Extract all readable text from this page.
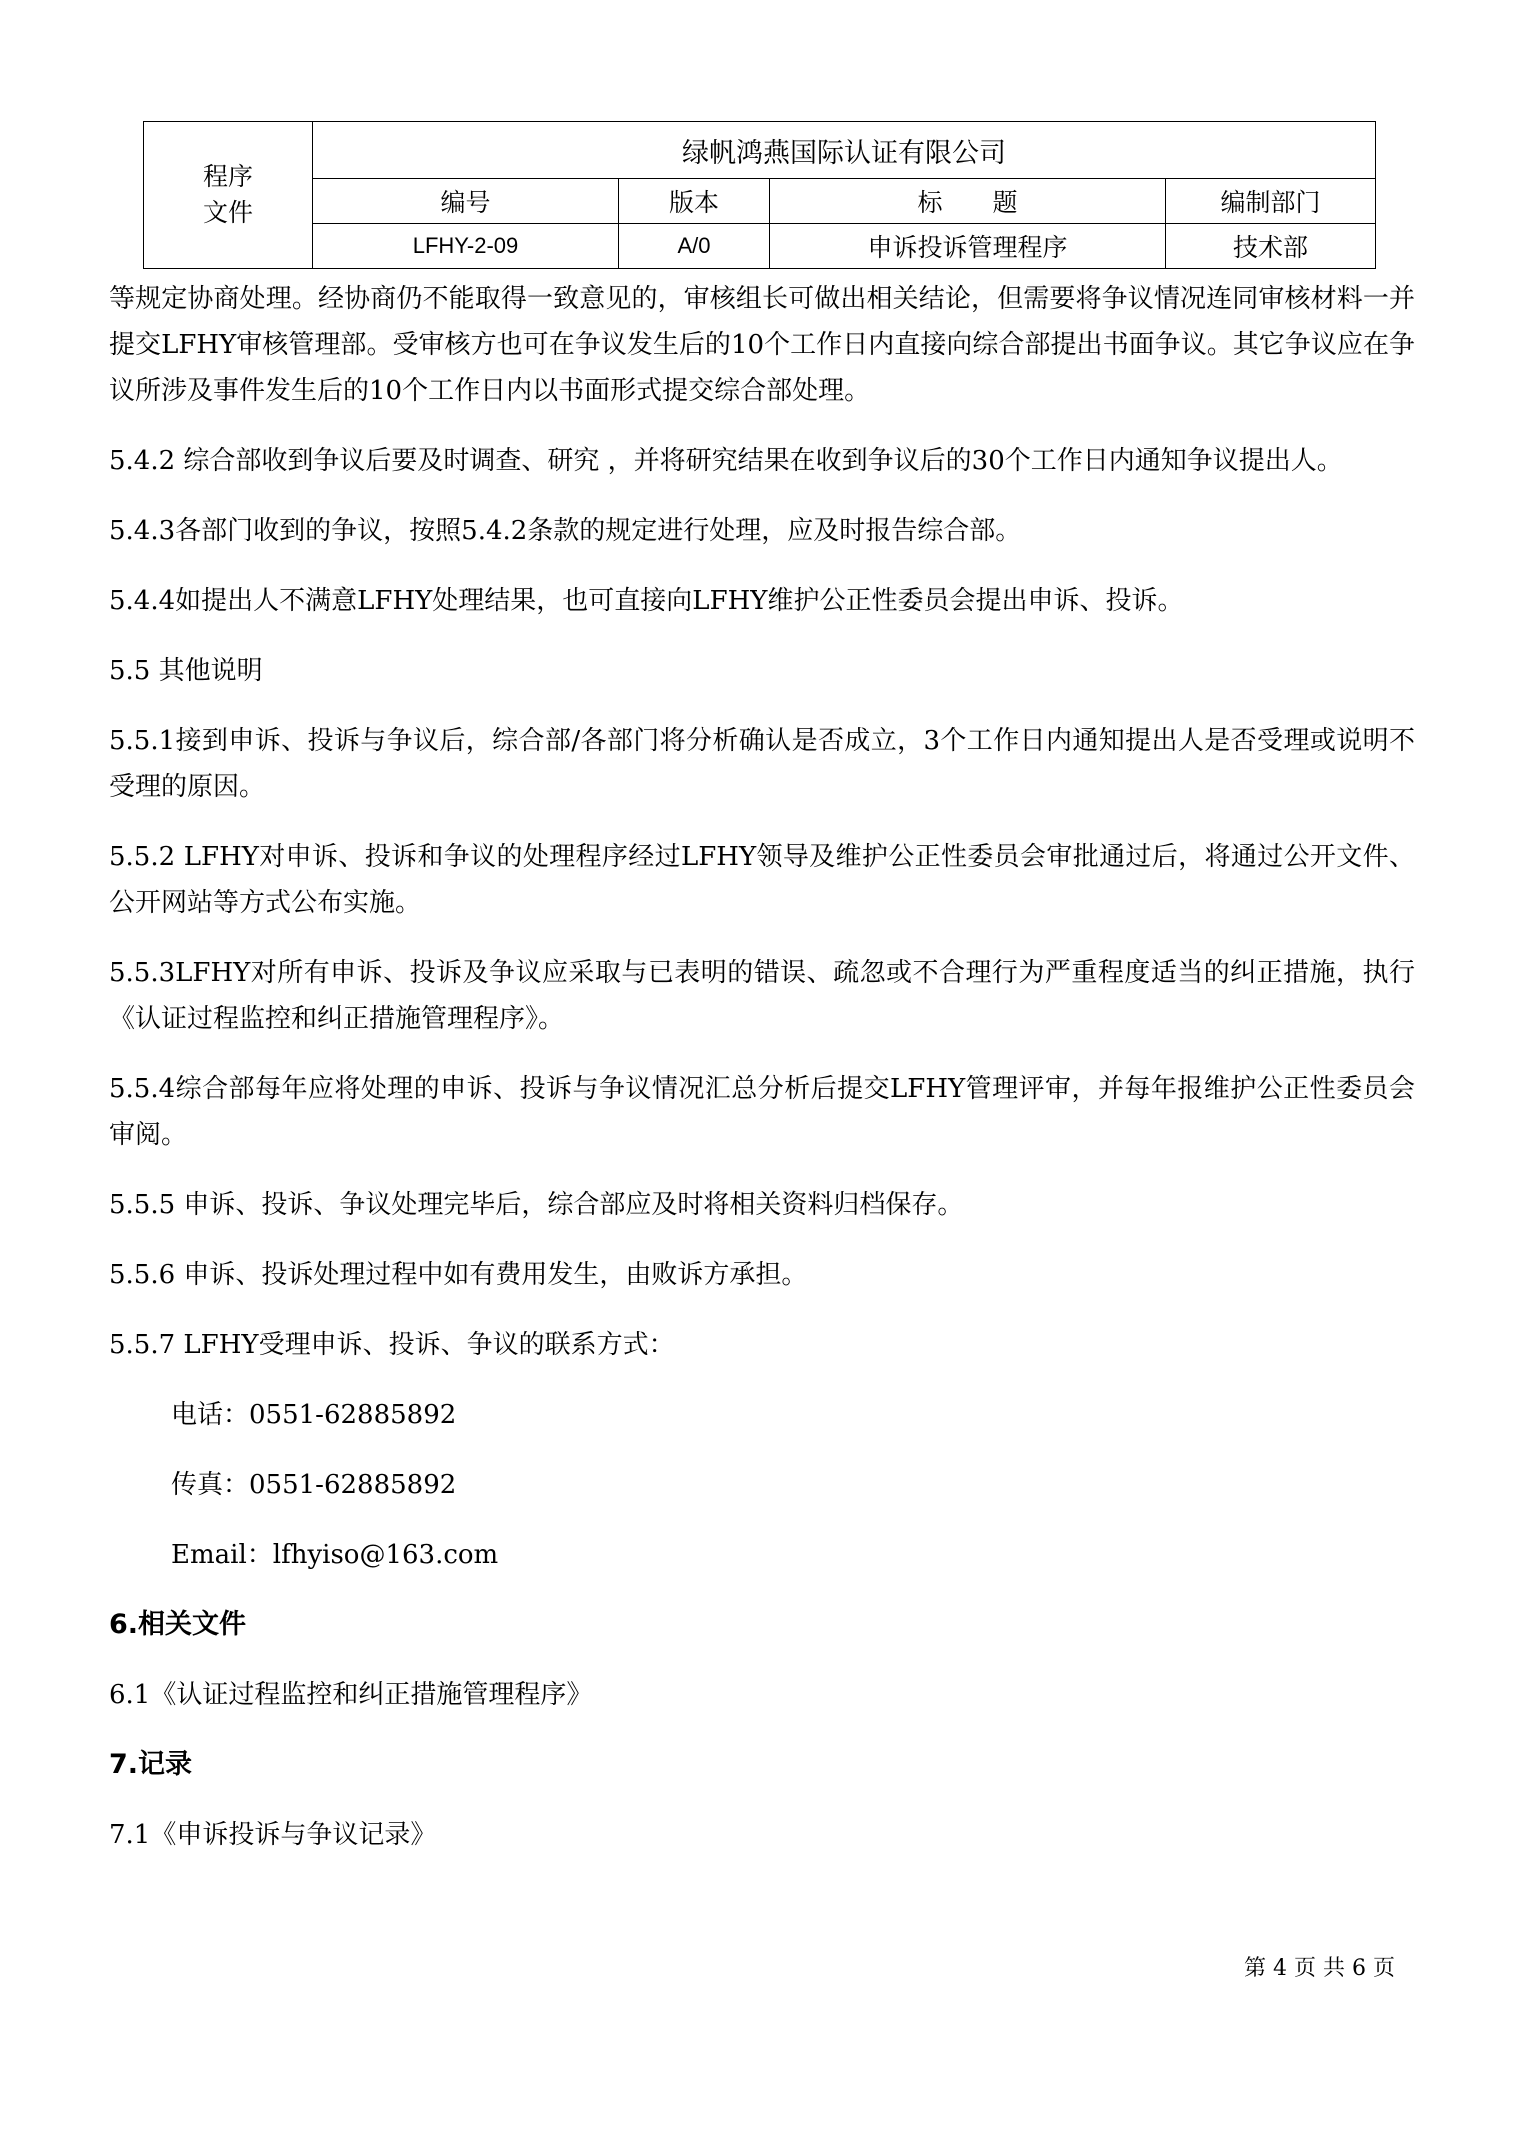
程序
文件	绿帆鸿燕国际认证有限公司			
	编号	版本	标　　题	编制部门
	LFHY-2-09	A/0	申诉投诉管理程序	技术部

等规定协商处理。经协商仍不能取得一致意见的，审核组长可做出相关结论，但需要将争议情况连同审核材料一并提交LFHY审核管理部。受审核方也可在争议发生后的10个工作日内直接向综合部提出书面争议。其它争议应在争议所涉及事件发生后的10个工作日内以书面形式提交综合部处理。

5.4.2 综合部收到争议后要及时调查、研究 ，并将研究结果在收到争议后的30个工作日内通知争议提出人。

5.4.3各部门收到的争议，按照5.4.2条款的规定进行处理，应及时报告综合部。

5.4.4如提出人不满意LFHY处理结果，也可直接向LFHY维护公正性委员会提出申诉、投诉。

5.5 其他说明

5.5.1接到申诉、投诉与争议后，综合部/各部门将分析确认是否成立，3个工作日内通知提出人是否受理或说明不受理的原因。

5.5.2 LFHY对申诉、投诉和争议的处理程序经过LFHY领导及维护公正性委员会审批通过后，将通过公开文件、公开网站等方式公布实施。

5.5.3LFHY对所有申诉、投诉及争议应采取与已表明的错误、疏忽或不合理行为严重程度适当的纠正措施，执行《认证过程监控和纠正措施管理程序》。

5.5.4综合部每年应将处理的申诉、投诉与争议情况汇总分析后提交LFHY管理评审，并每年报维护公正性委员会审阅。

5.5.5 申诉、投诉、争议处理完毕后，综合部应及时将相关资料归档保存。

5.5.6 申诉、投诉处理过程中如有费用发生，由败诉方承担。

5.5.7 LFHY受理申诉、投诉、争议的联系方式：

电话：0551-62885892

传真：0551-62885892

Email：lfhyiso@163.com

6.相关文件

6.1《认证过程监控和纠正措施管理程序》

7.记录

7.1《申诉投诉与争议记录》

第 4 页 共 6 页
